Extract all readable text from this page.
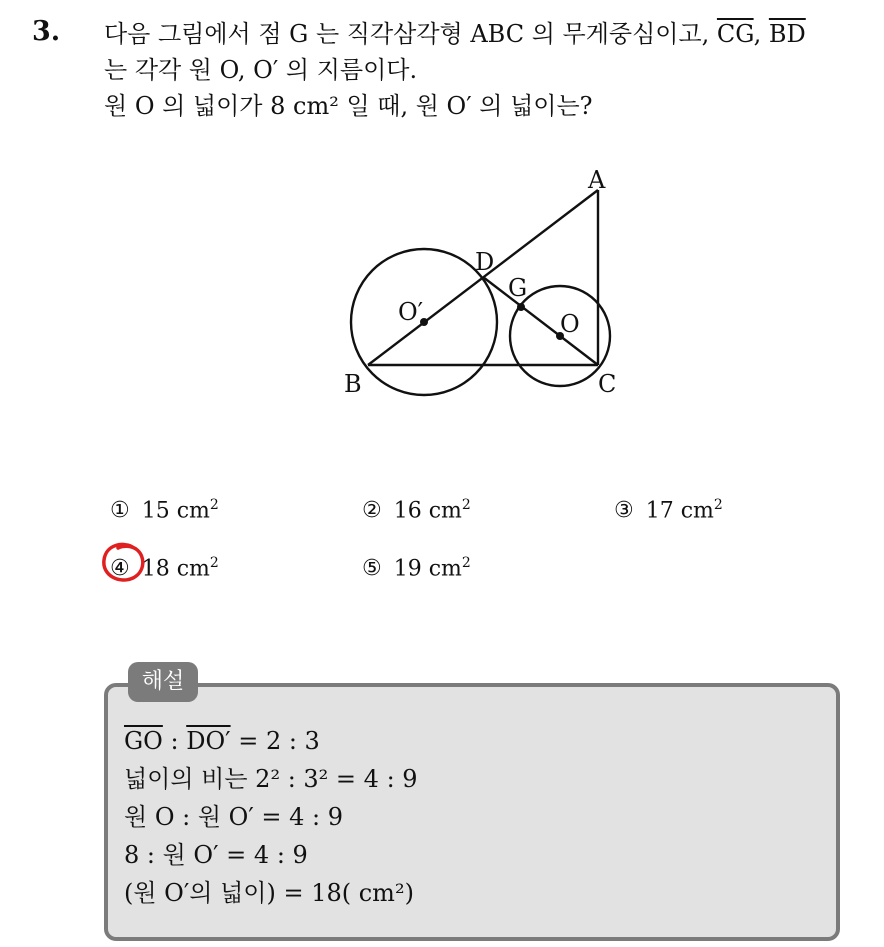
3. 다음 그림에서 점 G 는 직각삼각형 ABC 의 무게중심이고, $\overline{CG}$, $\overline{BD}$
는 각각 원 O, O′ 의 지름이다.
원 O 의 넓이가 8 cm² 일 때, 원 O′ 의 넓이는?
A
B	C
D
G
O
O′
① 15 $cm^2$	② 16 $cm^2$	③ 17 $cm^2$
④ 18 $cm^2$	⑤ 19 $cm^2$
해설
$\overline{GO}$ : DO′ = 2 : 3
넓이의 비는 2² : 3² = 4 : 9
원 O : 원 O′ = 4 : 9
8 : 원 O′ = 4 : 9
(원 O′의 넓이) = 18( cm²)
